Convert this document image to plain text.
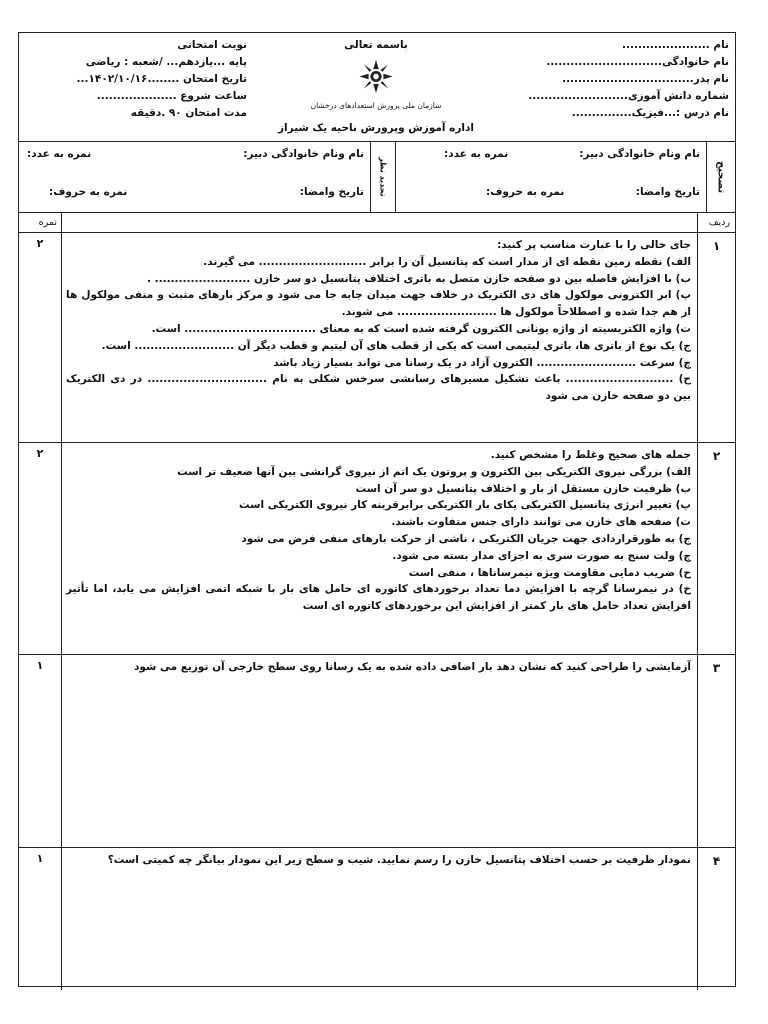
نام ......................
نام خانوادگی.............................
نام پدر.................................
شماره دانش آموزی.........................
نام درس :...فیزیک...............
باسمه تعالی
سازمان ملی پرورش استعدادهای درخشان
اداره آموزش وپرورش ناحیه یک شیراز
نوبت امتحانی
پایه ...یازدهم... /شعبه : ریاضی
تاریخ امتحان ........۱۴۰۲/۱۰/۱۶...
ساعت شروع ....................
مدت امتحان ۹۰ .دقیقه
تصحیح
نام ونام خانوادگی دبیر:
نمره به عدد:
تاریخ وامضا:
نمره به حروف:
تجدید نظر
نام ونام خانوادگی دبیر:
نمره به عدد:
تاریخ وامضا:
نمره به حروف:
ردیف
نمره
۱

جای خالی را با عبارت مناسب پر کنید:

الف) نقطه زمین نقطه ای از مدار است که پتانسیل آن را برابر ........................... می گیرند.

ب) با افزایش فاصله بین دو صفحه خازن متصل به باتری اختلاف پتانسیل دو سر خازن ........................ .

پ) ابر الکترونی مولکول های دی الکتریک در خلاف جهت میدان جابه جا می شود و مرکز بارهای مثبت و منفی مولکول ها از هم جدا شده و اصطلاحاً مولکول ها ......................... می شوند.

ت) واژه الکتریسیته از واژه یونانی الکترون گرفته شده است که به معنای ................................. است.

ج) یک نوع از باتری ها، باتری لیتیمی است که یکی از قطب های آن لیتیم و قطب دیگر آن ......................... است.

چ) سرعت ......................... الکترون آزاد در یک رسانا می تواند بسیار زیاد باشد

ح) ........................... باعث تشکیل مسیرهای رسانشی سرخس شکلی به نام .............................. در دی الکتریک بین دو صفحه خازن می شود

۲
۲

جمله های صحیح وغلط را مشخص کنید.

الف) بزرگی نیروی الکتریکی بین الکترون و پروتون یک اتم از نیروی گرانشی بین آنها ضعیف تر است

ب) ظرفیت خازن مستقل از بار و اختلاف پتانسیل دو سر آن است

پ) تغییر انرژی پتانسیل الکتریکی یکای بار الکتریکی برابرقرینه کار نیروی الکتریکی است

ت) صفحه های خازن می توانند دارای جنس متفاوت باشند.

ج) به طورقراردادی جهت جریان الکتریکی ، ناشی از حرکت بارهای منفی فرض می شود

چ) ولت سنج به صورت سری به اجزای مدار بسته می شود.

ح) ضریب دمایی مقاومت ویژه نیمرساناها ، منفی است

خ) در نیمرسانا گرچه با افزایش دما تعداد برخوردهای کاتوره ای حامل های بار با شبکه اتمی افزایش می یابد، اما تأثیر افزایش تعداد حامل های بار کمتر از افزایش این برخوردهای کاتوره ای است

۲
۳

آزمایشی را طراحی کنید که نشان دهد بار اضافی داده شده به یک رسانا روی سطح خارجی آن توزیع می شود

۱
۴

نمودار ظرفیت بر حسب اختلاف پتانسیل خازن را رسم نمایید. شیب و سطح زیر این نمودار بیانگر چه کمیتی است؟

۱
